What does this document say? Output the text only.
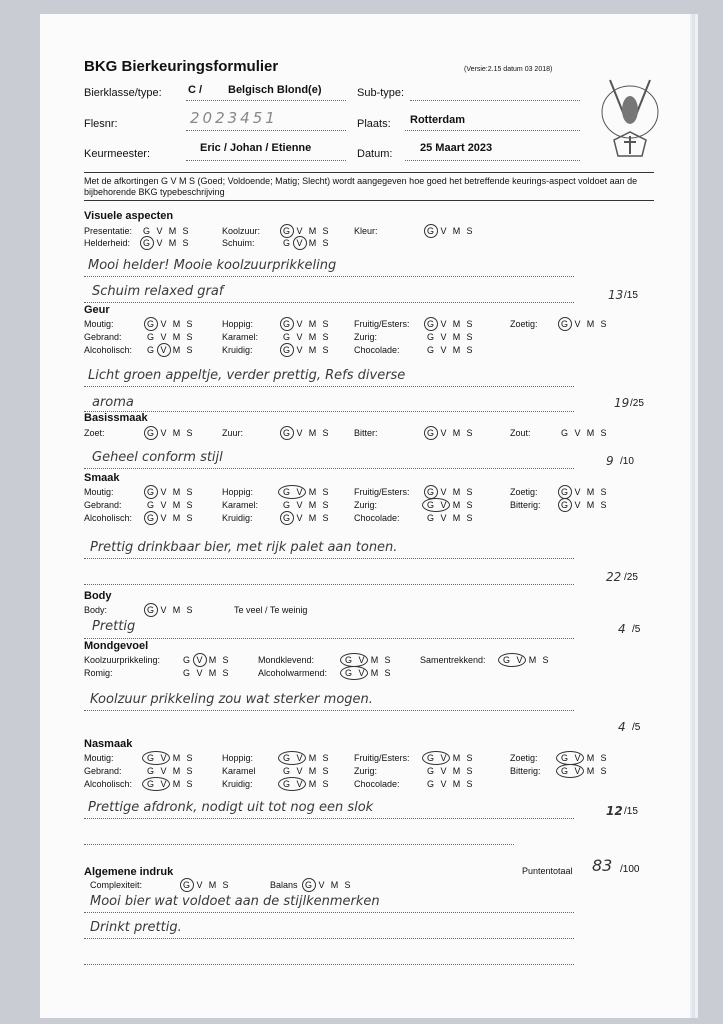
BKG Bierkeuringsformulier	(Versie:2.15 datum 03 2018)
Bierklasse/type: C / Belgisch Blond(e)	Sub-type:
2023451
Flesnr:	Plaats: Rotterdam
Keurmeester:	Eric / Johan / Etienne	Datum:	25 Maart 2023
Met de afkortingen G V M S (Goed; Voldoende; Matig; Slecht) wordt aangegeven hoe goed het betreffende keurings-aspect voldoet aan de bijbehorende BKG typebeschrijving
Visuele aspecten
Presentatie:	G V M S	Koolzuur:	G V M S	Kleur:	G V M S
Helderheid:	G V M S	Schuim:	G V M S
Mooi helder! Mooie koolzuurprikkeling
Schuim relaxed graf	13 /15
Geur
Moutig:	G V M S	Hoppig:	G V M S	Fruitig/Esters:	G V M S	Zoetig:	G V M S
Gebrand:	G V M S	Karamel:	G V M S	Zurig:	G V M S
Alcoholisch:	G V M S	Kruidig:	G V M S	Chocolade:	G V M S
Licht groen appeltje, verder prettig, Refs diverse
aroma	19 /25
Basissmaak
Zoet:	G V M S	Zuur:	G V M S	Bitter:	G V M S	Zout:	G V M S
Geheel conform stijl	9 /10
Smaak
Moutig:	G V M S	Hoppig:	G V M S	Fruitig/Esters:	G V M S	Zoetig:	G V M S
Gebrand:	G V M S	Karamel:	G V M S	Zurig:	G V M S	Bitterig:	G V M S
Alcoholisch:	G V M S	Kruidig:	G V M S	Chocolade:	G V M S
Prettig drinkbaar bier, met rijk palet aan tonen.
22 /25
Body
Body:	G V M S	Te veel / Te weinig
Prettig	4 /5
Mondgevoel
Koolzuurprikkeling:	G V M S	Mondklevend:	G V M S	Samentrekkend:	G V M S
Romig:	G V M S	Alcoholwarmend:	G V M S
Koolzuur prikkeling zou wat sterker mogen.
4 /5
Nasmaak
Moutig:	G V M S	Hoppig:	G V M S	Fruitig/Esters:	G V M S	Zoetig:	G V M S
Gebrand:	G V M S	Karamel	G V M S	Zurig:	G V M S	Bitterig:	G V M S
Alcoholisch:	G V M S	Kruidig:	G V M S	Chocolade:	G V M S
Prettige afdronk, nodigt uit tot nog een slok	12 /15
Algemene indruk
Complexiteit:	G V M S	Balans G V M S
Puntentotaal 83 /100
Mooi bier wat voldoet aan de stijlkenmerken
Drinkt prettig.
